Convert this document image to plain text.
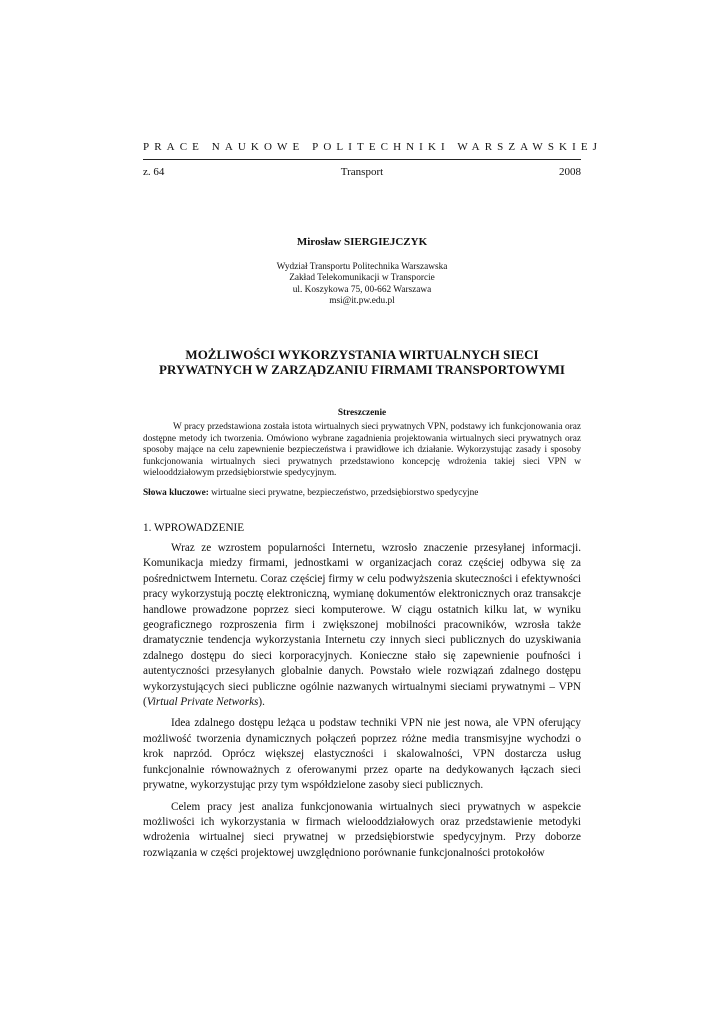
PRACE NAUKOWE POLITECHNIKI WARSZAWSKIEJ
Transport
z. 64	2008
Mirosław SIERGIEJCZYK
Wydział Transportu Politechnika Warszawska
Zakład Telekomunikacji w Transporcie
ul. Koszykowa 75, 00-662 Warszawa
msi@it.pw.edu.pl
MOŻLIWOŚCI WYKORZYSTANIA WIRTUALNYCH SIECI
PRYWATNYCH W ZARZĄDZANIU FIRMAMI TRANSPORTOWYMI
Streszczenie
W pracy przedstawiona została istota wirtualnych sieci prywatnych VPN, podstawy ich funkcjonowania oraz dostępne metody ich tworzenia. Omówiono wybrane zagadnienia projektowania wirtualnych sieci prywatnych oraz sposoby mające na celu zapewnienie bezpieczeństwa i prawidłowe ich działanie. Wykorzystując zasady i sposoby funkcjonowania wirtualnych sieci prywatnych przedstawiono koncepcję wdrożenia takiej sieci VPN w wielooddziałowym przedsiębiorstwie spedycyjnym.
Słowa kluczowe: wirtualne sieci prywatne, bezpieczeństwo, przedsiębiorstwo spedycyjne
1. WPROWADZENIE

Wraz ze wzrostem popularności Internetu, wzrosło znaczenie przesyłanej informacji. Komunikacja miedzy firmami, jednostkami w organizacjach coraz częściej odbywa się za pośrednictwem Internetu. Coraz częściej firmy w celu podwyższenia skuteczności i efektywności pracy wykorzystują pocztę elektroniczną, wymianę dokumentów elektronicznych oraz transakcje handlowe prowadzone poprzez sieci komputerowe. W ciągu ostatnich kilku lat, w wyniku geograficznego rozproszenia firm i zwiększonej mobilności pracowników, wzrosła także dramatycznie tendencja wykorzystania Internetu czy innych sieci publicznych do uzyskiwania zdalnego dostępu do sieci korporacyjnych. Konieczne stało się zapewnienie poufności i autentyczności przesyłanych globalnie danych. Powstało wiele rozwiązań zdalnego dostępu wykorzystujących sieci publiczne ogólnie nazwanych wirtualnymi sieciami prywatnymi – VPN (Virtual Private Networks).

Idea zdalnego dostępu leżąca u podstaw techniki VPN nie jest nowa, ale VPN oferujący możliwość tworzenia dynamicznych połączeń poprzez różne media transmisyjne wychodzi o krok naprzód. Oprócz większej elastyczności i skalowalności, VPN dostarcza usług funkcjonalnie równoważnych z oferowanymi przez oparte na dedykowanych łączach sieci prywatne, wykorzystując przy tym współdzielone zasoby sieci publicznych.

Celem pracy jest analiza funkcjonowania wirtualnych sieci prywatnych w aspekcie możliwości ich wykorzystania w firmach wielooddziałowych oraz przedstawienie metodyki wdrożenia wirtualnej sieci prywatnej w przedsiębiorstwie spedycyjnym. Przy doborze rozwiązania w części projektowej uwzględniono porównanie funkcjonalności protokołów
